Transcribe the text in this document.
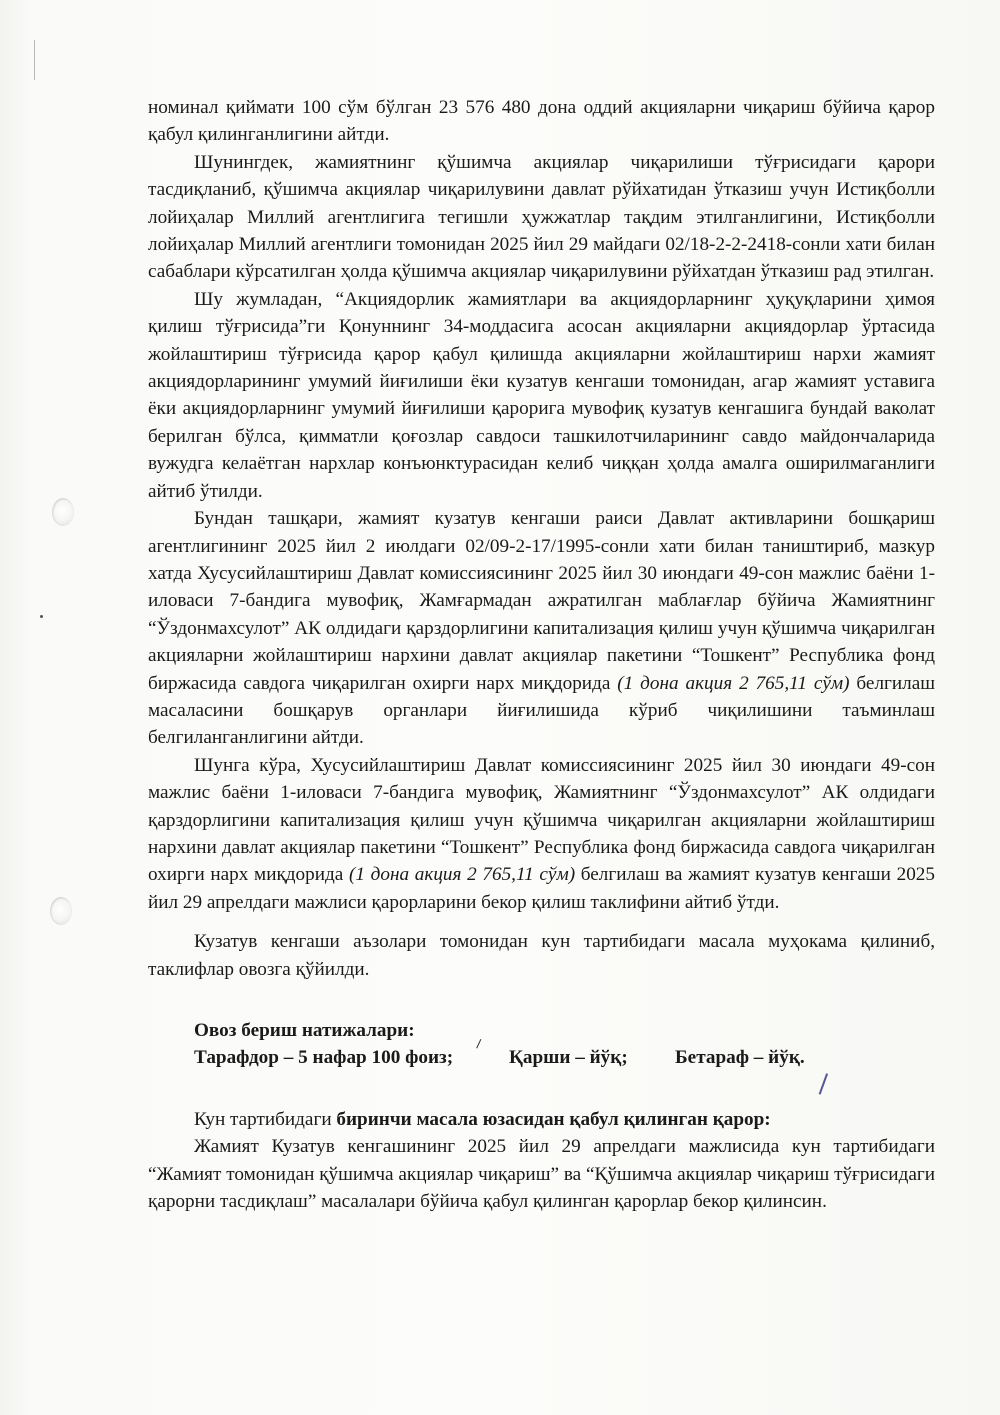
номинал қиймати 100 сўм бўлган 23 576 480 дона оддий акцияларни чиқариш бўйича қарор қабул қилинганлигини айтди.

Шунингдек, жамиятнинг қўшимча акциялар чиқарилиши тўғрисидаги қарори тасдиқланиб, қўшимча акциялар чиқарилувини давлат рўйхатидан ўтказиш учун Истиқболли лойиҳалар Миллий агентлигига тегишли ҳужжатлар тақдим этилганлигини, Истиқболли лойиҳалар Миллий агентлиги томонидан 2025 йил 29 майдаги 02/18-2-2-2418-сонли хати билан сабаблари кўрсатилган ҳолда қўшимча акциялар чиқарилувини рўйхатдан ўтказиш рад этилган.

Шу жумладан, “Акциядорлик жамиятлари ва акциядорларнинг ҳуқуқларини ҳимоя қилиш тўғрисида”ги Қонуннинг 34-моддасига асосан акцияларни акциядорлар ўртасида жойлаштириш тўғрисида қарор қабул қилишда акцияларни жойлаштириш нархи жамият акциядорларининг умумий йиғилиши ёки кузатув кенгаши томонидан, агар жамият уставига ёки акциядорларнинг умумий йиғилиши қарорига мувофиқ кузатув кенгашига бундай ваколат берилган бўлса, қимматли қоғозлар савдоси ташкилотчиларининг савдо майдончаларида вужудга келаётган нархлар конъюнктурасидан келиб чиққан ҳолда амалга оширилмаганлиги айтиб ўтилди.

Бундан ташқари, жамият кузатув кенгаши раиси Давлат активларини бошқариш агентлигининг 2025 йил 2 июлдаги 02/09-2-17/1995-сонли хати билан таништириб, мазкур хатда Хусусийлаштириш Давлат комиссиясининг 2025 йил 30 июндаги 49-сон мажлис баёни 1-иловаси 7-бандига мувофиқ, Жамғармадан ажратилган маблағлар бўйича Жамиятнинг “Ўздонмахсулот” АК олдидаги қарздорлигини капитализация қилиш учун қўшимча чиқарилган акцияларни жойлаштириш нархини давлат акциялар пакетини “Тошкент” Республика фонд биржасида савдога чиқарилган охирги нарх миқдорида (1 дона акция 2 765,11 сўм) белгилаш масаласини бошқарув органлари йиғилишида кўриб чиқилишини таъминлаш белгиланганлигини айтди.

Шунга кўра, Хусусийлаштириш Давлат комиссиясининг 2025 йил 30 июндаги 49-сон мажлис баёни 1-иловаси 7-бандига мувофиқ, Жамиятнинг “Ўздонмахсулот” АК олдидаги қарздорлигини капитализация қилиш учун қўшимча чиқарилган акцияларни жойлаштириш нархини давлат акциялар пакетини “Тошкент” Республика фонд биржасида савдога чиқарилган охирги нарх миқдорида (1 дона акция 2 765,11 сўм) белгилаш ва жамият кузатув кенгаши 2025 йил 29 апрелдаги мажлиси қарорларини бекор қилиш таклифини айтиб ўтди.

Кузатув кенгаши аъзолари томонидан кун тартибидаги масала муҳокама қилиниб, таклифлар овозга қўйилди.

Овоз бериш натижалари:

Тарафдор – 5 нафар 100 фоиз;	Қарши – йўқ; Бетараф – йўқ.

Кун тартибидаги биринчи масала юзасидан қабул қилинган қарор:

Жамият Кузатув кенгашининг 2025 йил 29 апрелдаги мажлисида кун тартибидаги “Жамият томонидан қўшимча акциялар чиқариш” ва “Қўшимча акциялар чиқариш тўғрисидаги қарорни тасдиқлаш” масалалари бўйича қабул қилинган қарорлар бекор қилинсин.
